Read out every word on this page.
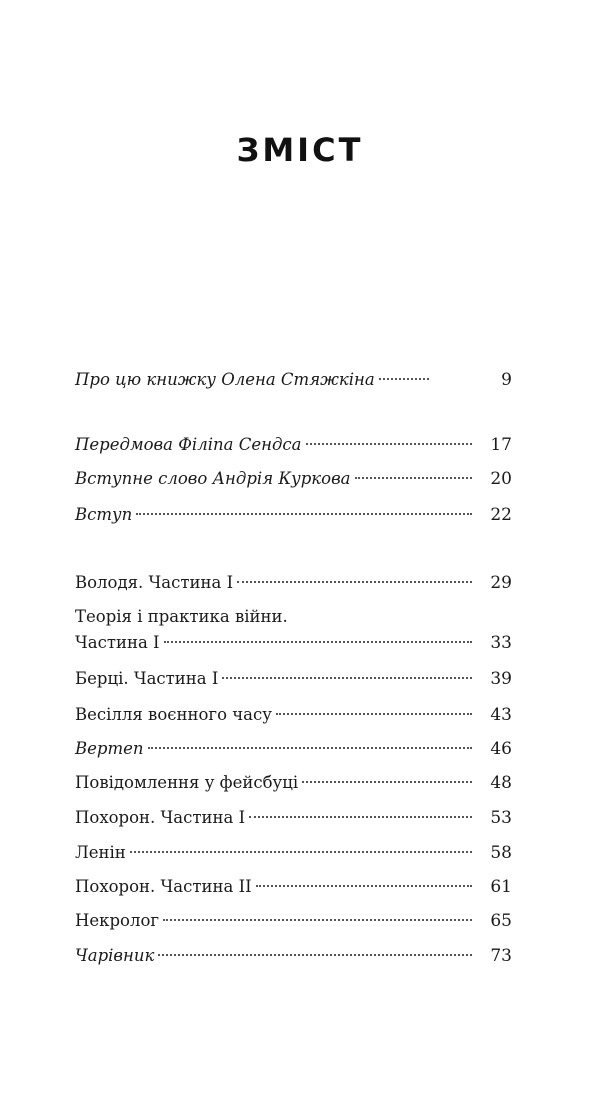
ЗМІСТ
Про цю книжку Олена Стяжкіна	9
Передмова Філіпа Сендса	17
Вступне слово Андрія Куркова	20
Вступ	22
Володя. Частина I	29
Теорія і практика війни.
Частина I	33
Берці. Частина I	39
Весілля воєнного часу	43
Вертеп	46
Повідомлення у фейсбуці	48
Похорон. Частина I	53
Ленін	58
Похорон. Частина II	61
Некролог	65
Чарівник	73
